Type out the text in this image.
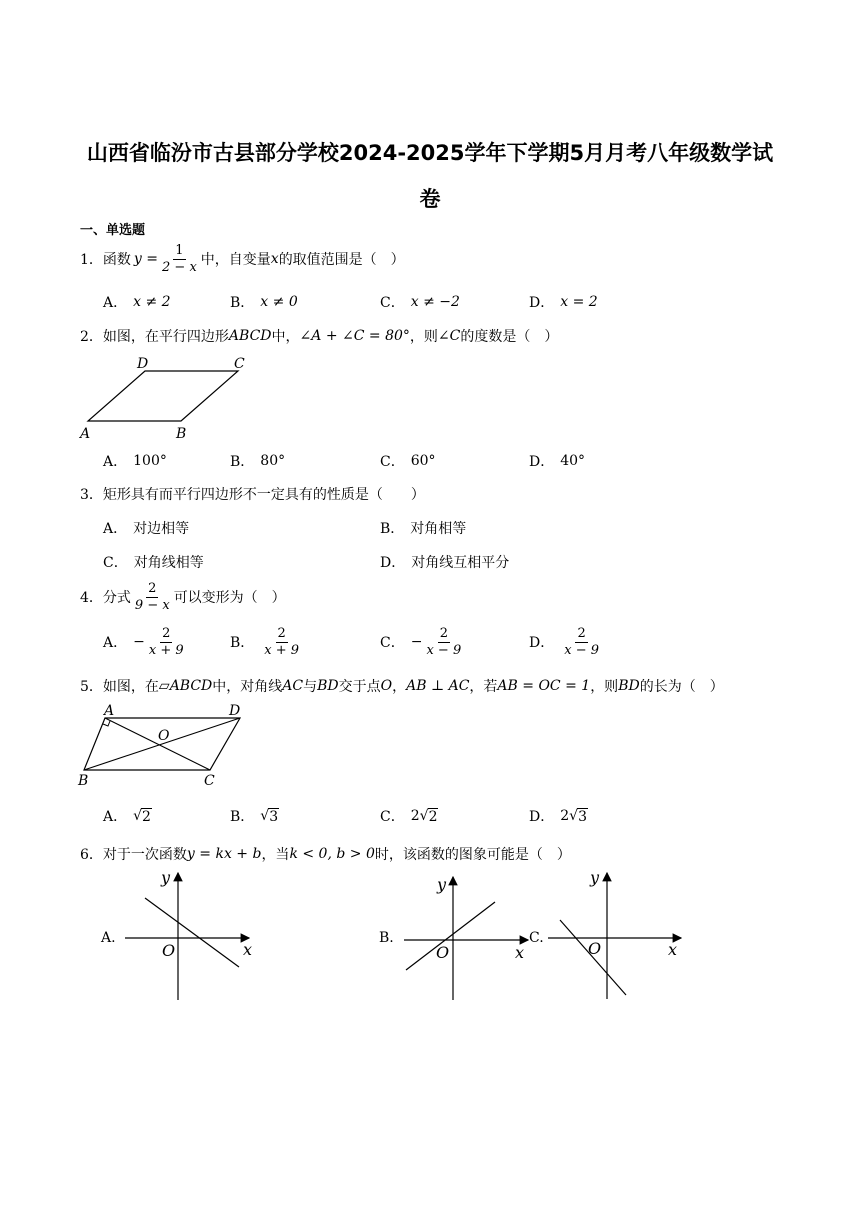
山西省临汾市古县部分学校2024-2025学年下学期5月月考八年级数学试
卷
一、单选题
1． 函数 $y = \frac{1}{2 - x}$ 中，自变量 x 的取值范围是（　）
A． x ≠ 2	B． x ≠ 0	C． x ≠ −2	D． x = 2
2． 如图，在平行四边形 ABCD 中， ∠A + ∠C = 80° ，则 ∠C 的度数是（　）
D	C
A	B
A． 100°	B． 80°	C． 60°	D． 40°
3． 矩形具有而平行四边形不一定具有的性质是（　　）
A． 对边相等	B． 对角相等
C． 对角线相等	D． 对角线互相平分
4． 分式 $\frac{2}{9 - x}$ 可以变形为（　）
A． − $\frac{2}{x + 9}$	B． $\frac{2}{x + 9}$	C． − $\frac{2}{x - 9}$	D． $\frac{2}{x - 9}$
5． 如图，在 ▱ABCD 中，对角线 AC 与 BD 交于点 O ， AB ⊥ AC ，若 AB = OC = 1 ，则 BD 的长为（　）
A	D
B	C
O
A． √ 2	B． √ 3	C． 2 √ 2	D． 2 √ 3
6． 对于一次函数 y = kx + b ，当 k < 0, b > 0 时，该函数的图象可能是（　）
A.
x
y
O
B.
x
y
O
C.
x
y
O
